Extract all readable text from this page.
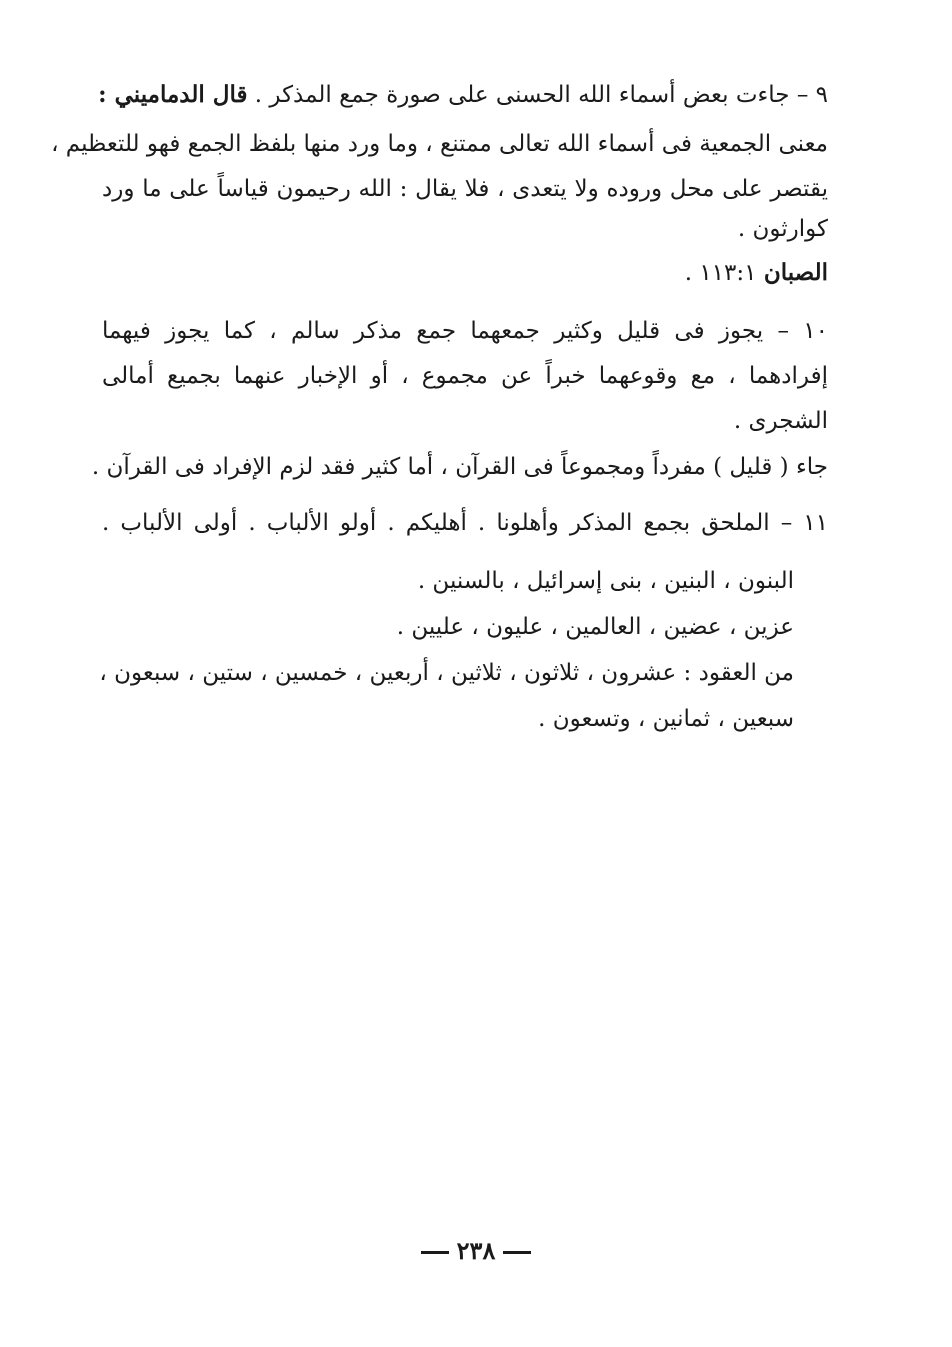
٩ – جاءت بعض أسماء الله الحسنى على صورة جمع المذكر . قال الدماميني :
معنى الجمعية فى أسماء الله تعالى ممتنع ، وما ورد منها بلفظ الجمع فهو للتعظيم ،
يقتصر على محل وروده ولا يتعدى ، فلا يقال : الله رحيمون قياساً على ما ورد
كوارثون .
الصبان ١١٣:١ .
١٠ – يجوز فى قليل وكثير جمعهما جمع مذكر سالم ، كما يجوز فيهما
إفرادهما ، مع وقوعهما خبراً عن مجموع ، أو الإخبار عنهما بجميع أمالى
الشجرى .
جاء ( قليل ) مفرداً ومجموعاً فى القرآن ، أما كثير فقد لزم الإفراد فى القرآن .
١١ – الملحق بجمع المذكر وأهلونا . أهليكم . أولو الألباب . أولى الألباب .
البنون ، البنين ، بنى إسرائيل ، بالسنين .
عزين ، عضين ، العالمين ، عليون ، عليين .
من العقود : عشرون ، ثلاثون ، ثلاثين ، أربعين ، خمسين ، ستين ، سبعون ،
سبعين ، ثمانين ، وتسعون .
٢٣٨
